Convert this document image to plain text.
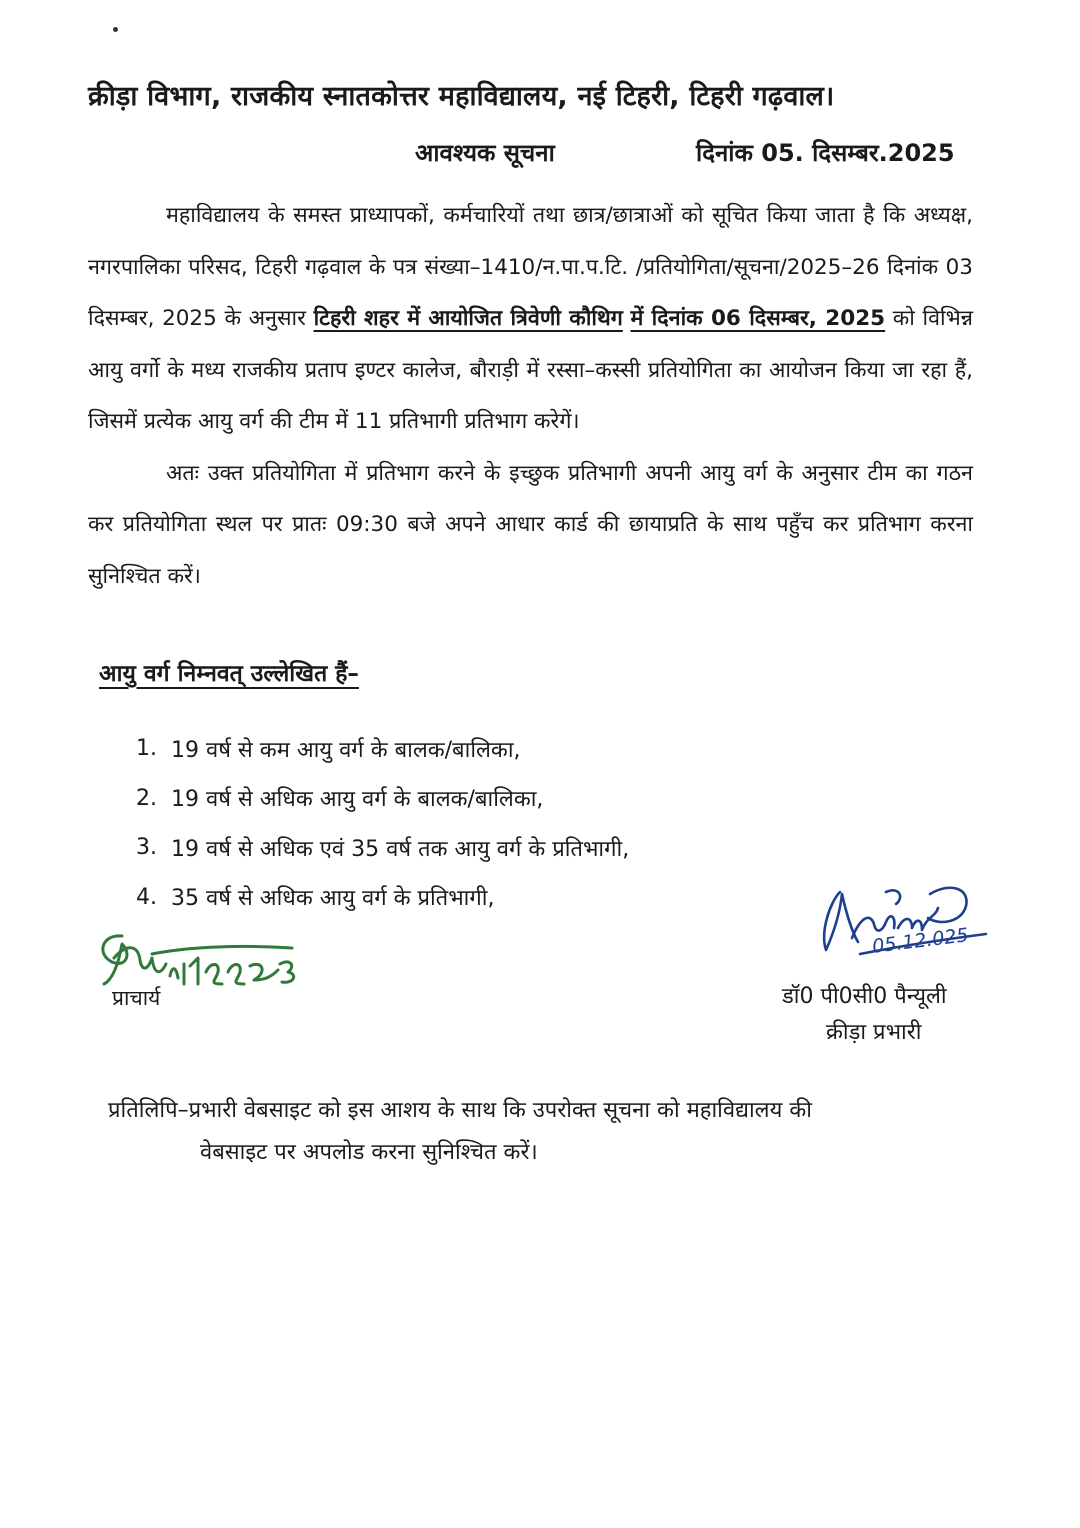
क्रीड़ा विभाग, राजकीय स्नातकोत्तर महाविद्यालय, नई टिहरी, टिहरी गढ़वाल।
आवश्यक सूचना	दिनांक 05. दिसम्बर.2025

महाविद्यालय के समस्त प्राध्यापकों, कर्मचारियों तथा छात्र/छात्राओं को सूचित किया जाता है कि अध्यक्ष, नगरपालिका परिसद, टिहरी गढ़वाल के पत्र संख्या–1410/न.पा.प.टि. /प्रतियोगिता/सूचना/2025–26 दिनांक 03 दिसम्बर, 2025 के अनुसार टिहरी शहर में आयोजित त्रिवेणी कौथिग में दिनांक 06 दिसम्बर, 2025 को विभिन्न आयु वर्गो के मध्य राजकीय प्रताप इण्टर कालेज, बौराड़ी में रस्सा–कस्सी प्रतियोगिता का आयोजन किया जा रहा हैं, जिसमें प्रत्येक आयु वर्ग की टीम में 11 प्रतिभागी प्रतिभाग करेगें।

अतः उक्त प्रतियोगिता में प्रतिभाग करने के इच्छुक प्रतिभागी अपनी आयु वर्ग के अनुसार टीम का गठन कर प्रतियोगिता स्थल पर प्रातः 09:30 बजे अपने आधार कार्ड की छायाप्रति के साथ पहुँच कर प्रतिभाग करना सुनिश्चित करें।

आयु वर्ग निम्नवत् उल्लेखित हैं–
1. 19 वर्ष से कम आयु वर्ग के बालक/बालिका,
2. 19 वर्ष से अधिक आयु वर्ग के बालक/बालिका,
3. 19 वर्ष से अधिक एवं 35 वर्ष तक आयु वर्ग के प्रतिभागी,
4. 35 वर्ष से अधिक आयु वर्ग के प्रतिभागी,
प्राचार्य
05.12.025
डॉ0 पी0सी0 पैन्यूली
क्रीड़ा प्रभारी
प्रतिलिपि–प्रभारी वेबसाइट को इस आशय के साथ कि उपरोक्त सूचना को महाविद्यालय की
वेबसाइट पर अपलोड करना सुनिश्चित करें।
